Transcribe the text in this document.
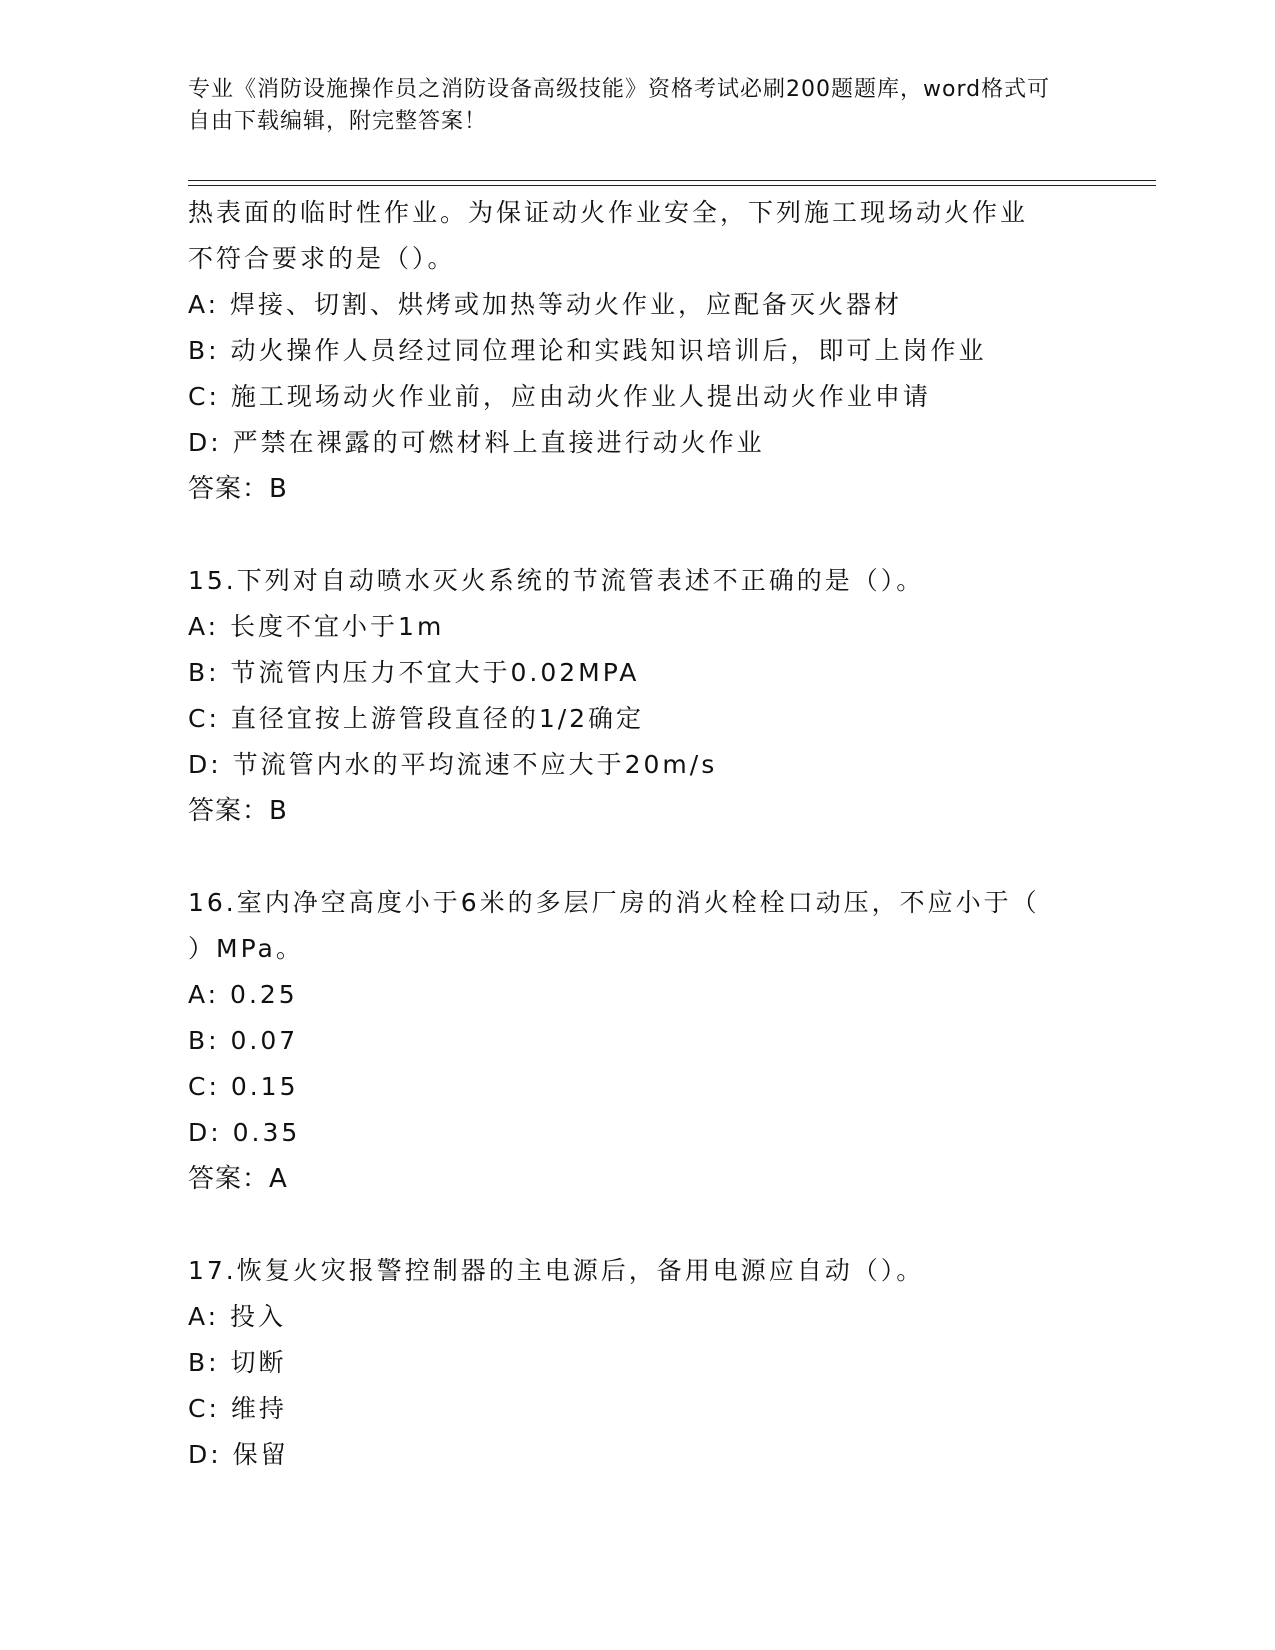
专业《消防设施操作员之消防设备高级技能》资格考试必刷200题题库，word格式可自由下载编辑，附完整答案！
热表面的临时性作业。为保证动火作业安全，下列施工现场动火作业
不符合要求的是（）。
A: 焊接、切割、烘烤或加热等动火作业，应配备灭火器材
B: 动火操作人员经过同位理论和实践知识培训后，即可上岗作业
C: 施工现场动火作业前，应由动火作业人提出动火作业申请
D: 严禁在裸露的可燃材料上直接进行动火作业
答案：B
15.下列对自动喷水灭火系统的节流管表述不正确的是（）。
A: 长度不宜小于1m
B: 节流管内压力不宜大于0.02MPA
C: 直径宜按上游管段直径的1/2确定
D: 节流管内水的平均流速不应大于20m/s
答案：B
16.室内净空高度小于6米的多层厂房的消火栓栓口动压，不应小于（
）MPa。
A: 0.25
B: 0.07
C: 0.15
D: 0.35
答案：A
17.恢复火灾报警控制器的主电源后，备用电源应自动（）。
A: 投入
B: 切断
C: 维持
D: 保留
